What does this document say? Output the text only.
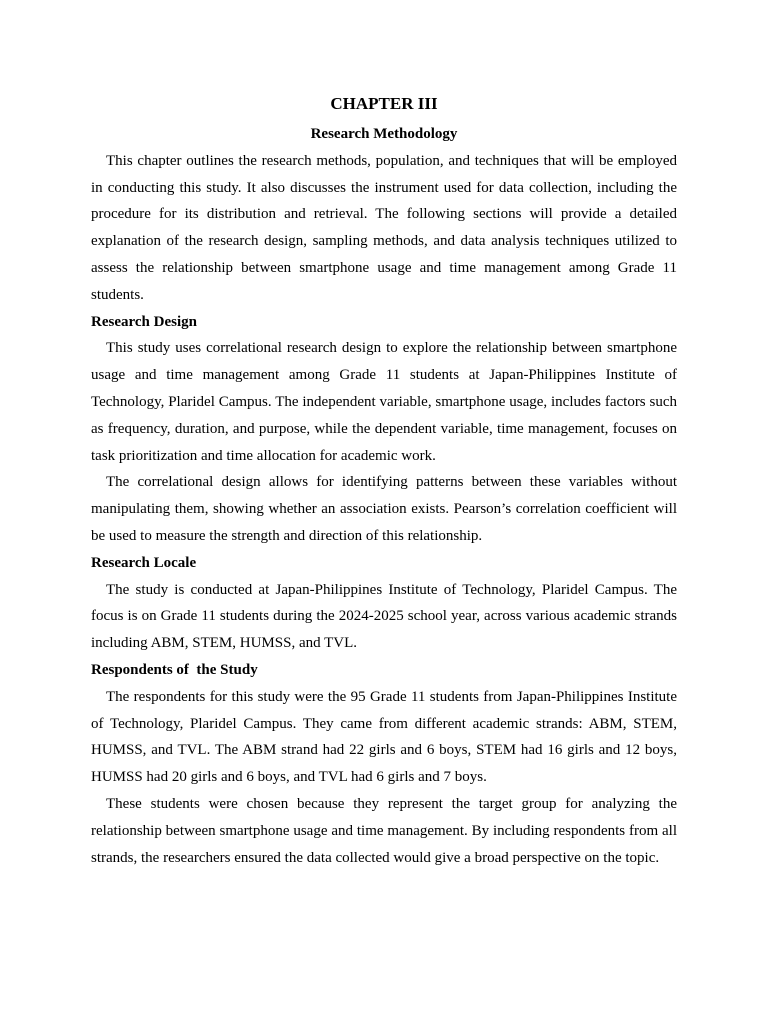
CHAPTER III
Research Methodology

This chapter outlines the research methods, population, and techniques that will be employed in conducting this study. It also discusses the instrument used for data collection, including the procedure for its distribution and retrieval. The following sections will provide a detailed explanation of the research design, sampling methods, and data analysis techniques utilized to assess the relationship between smartphone usage and time management among Grade 11 students.

Research Design

This study uses correlational research design to explore the relationship between smartphone usage and time management among Grade 11 students at Japan-Philippines Institute of Technology, Plaridel Campus. The independent variable, smartphone usage, includes factors such as frequency, duration, and purpose, while the dependent variable, time management, focuses on task prioritization and time allocation for academic work.

The correlational design allows for identifying patterns between these variables without manipulating them, showing whether an association exists. Pearson’s correlation coefficient will be used to measure the strength and direction of this relationship.

Research Locale

The study is conducted at Japan-Philippines Institute of Technology, Plaridel Campus. The focus is on Grade 11 students during the 2024-2025 school year, across various academic strands including ABM, STEM, HUMSS, and TVL.

Respondents of  the Study

The respondents for this study were the 95 Grade 11 students from Japan-Philippines Institute of Technology, Plaridel Campus. They came from different academic strands: ABM, STEM, HUMSS, and TVL. The ABM strand had 22 girls and 6 boys, STEM had 16 girls and 12 boys, HUMSS had 20 girls and 6 boys, and TVL had 6 girls and 7 boys.

These students were chosen because they represent the target group for analyzing the relationship between smartphone usage and time management. By including respondents from all strands, the researchers ensured the data collected would give a broad perspective on the topic.
